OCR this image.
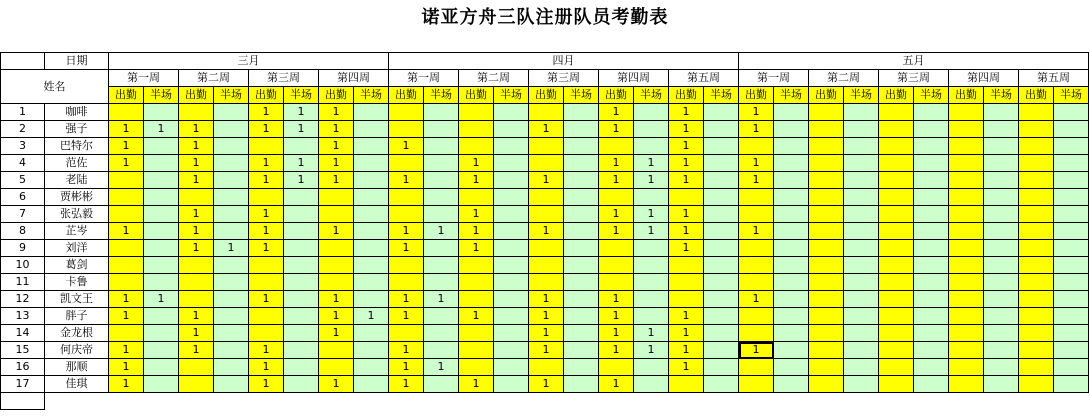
诺亚方舟三队注册队员考勤表
	日期	三月								四月										五月									
姓名		第一周		第二周		第三周		第四周		第一周		第二周		第三周		第四周		第五周		第一周		第二周		第三周		第四周		第五周	
		出勤	半场	出勤	半场	出勤	半场	出勤	半场	出勤	半场	出勤	半场	出勤	半场	出勤	半场	出勤	半场	出勤	半场	出勤	半场	出勤	半场	出勤	半场	出勤	半场
1	咖啡					1	1	1								1		1		1									
2	强子	1	1	1		1	1	1						1		1		1		1									
3	巴特尔	1		1				1		1								1											
4	范佐	1		1		1	1	1				1				1	1	1		1									
5	老陆			1		1	1	1		1		1		1		1	1	1		1									
6	贾彬彬																												
7	张弘毅			1		1						1				1	1	1											
8	芷岑	1		1		1		1		1	1	1		1		1	1	1		1									
9	刘洋			1	1	1				1		1						1											
10	葛剑																												
11	卡鲁																												
12	凯文王	1	1			1		1		1	1			1		1				1									
13	胖子	1		1				1	1	1		1		1		1		1											
14	金龙根			1				1						1		1	1	1											
15	何庆帝	1		1		1				1				1		1	1	1		1									
16	那顺	1				1				1	1							1											
17	佳琪	1				1		1		1		1		1		1													
